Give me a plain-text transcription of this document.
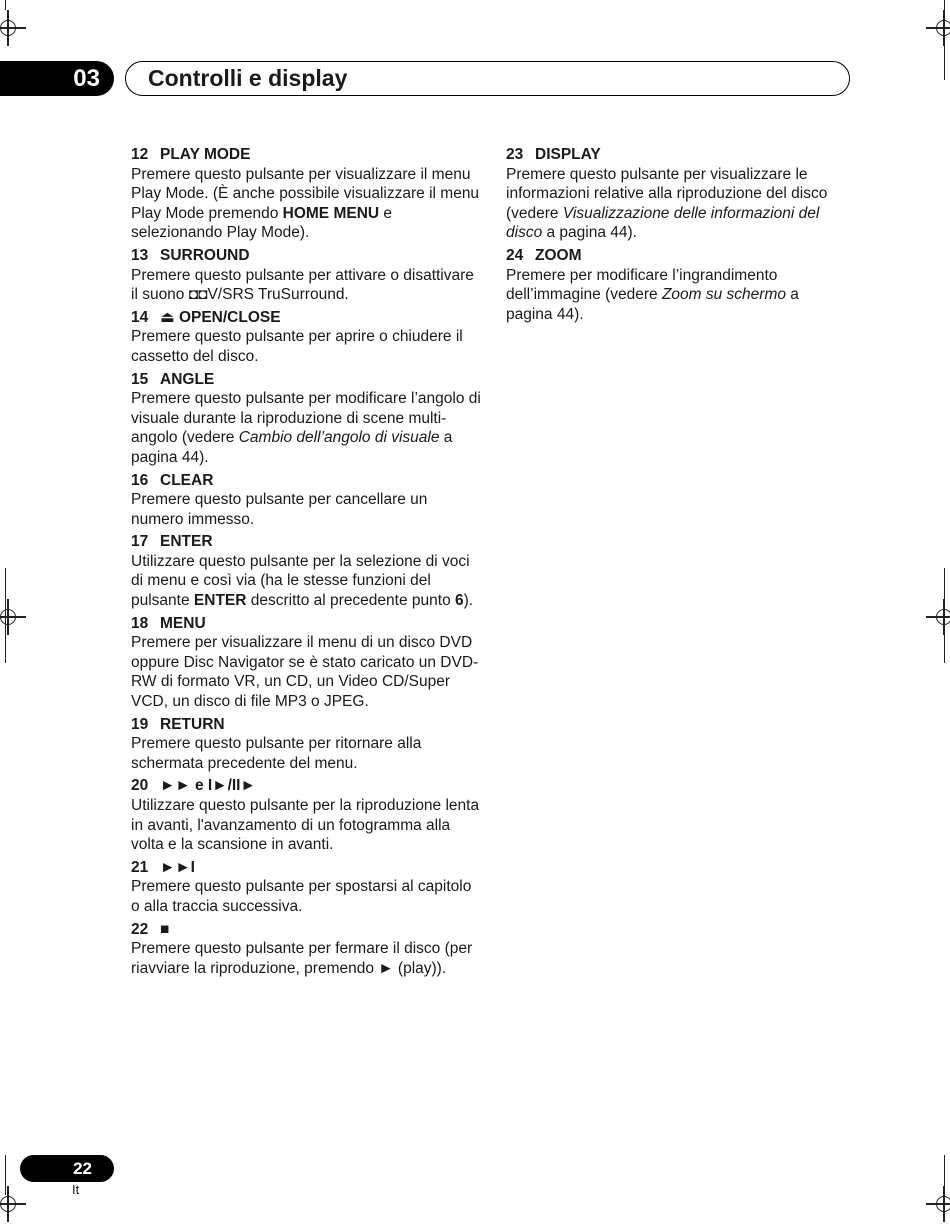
03	Controlli e display
12 PLAY MODE
Premere questo pulsante per visualizzare il menu Play Mode. (È anche possibile visualizzare il menu Play Mode premendo HOME MENU e selezionando Play Mode).
13 SURROUND
Premere questo pulsante per attivare o disattivare il suono ◘◘V/SRS TruSurround.
14 ⏏ OPEN/CLOSE
Premere questo pulsante per aprire o chiudere il cassetto del disco.
15 ANGLE
Premere questo pulsante per modificare l’angolo di visuale durante la riproduzione di scene multi-angolo (vedere Cambio dell’angolo di visuale a pagina 44).
16 CLEAR
Premere questo pulsante per cancellare un numero immesso.
17 ENTER
Utilizzare questo pulsante per la selezione di voci di menu e così via (ha le stesse funzioni del pulsante ENTER descritto al precedente punto 6).
18 MENU
Premere per visualizzare il menu di un disco DVD oppure Disc Navigator se è stato caricato un DVD-RW di formato VR, un CD, un Video CD/Super VCD, un disco di file MP3 o JPEG.
19 RETURN
Premere questo pulsante per ritornare alla schermata precedente del menu.
20 ►► e I►/II►
Utilizzare questo pulsante per la riproduzione lenta in avanti, l'avanzamento di un fotogramma alla volta e la scansione in avanti.
21 ►►I
Premere questo pulsante per spostarsi al capitolo o alla traccia successiva.
22 ■
Premere questo pulsante per fermare il disco (per riavviare la riproduzione, premendo ► (play)).
23 DISPLAY
Premere questo pulsante per visualizzare le informazioni relative alla riproduzione del disco (vedere Visualizzazione delle informazioni del disco a pagina 44).
24 ZOOM
Premere per modificare l’ingrandimento dell’immagine (vedere Zoom su schermo a pagina 44).
22
It
